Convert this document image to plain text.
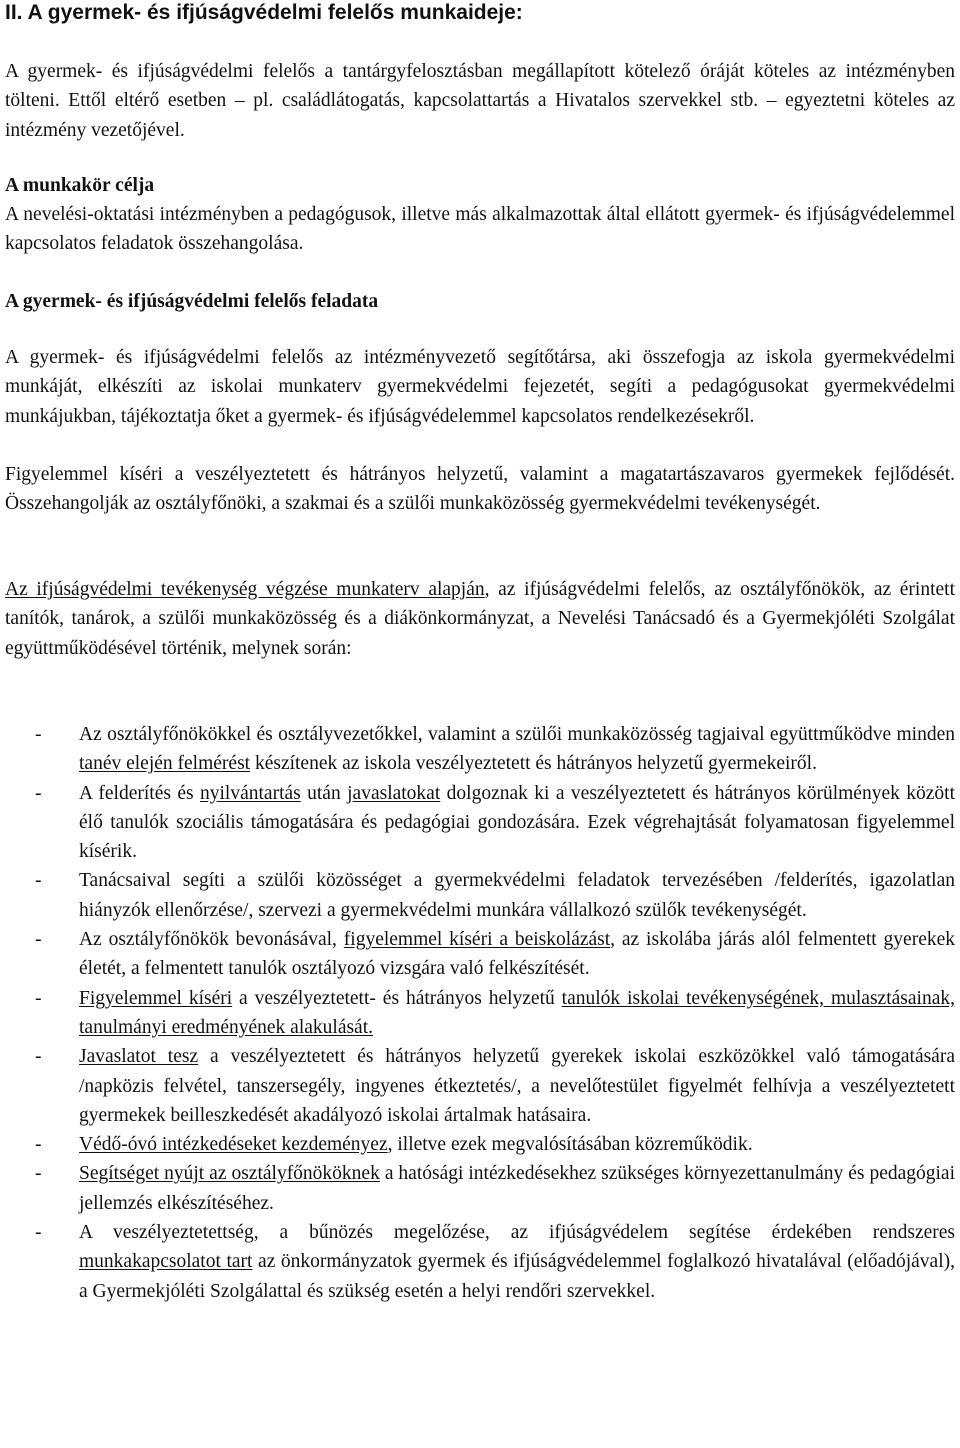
II. A gyermek- és ifjúságvédelmi felelős munkaideje:

A gyermek- és ifjúságvédelmi felelős a tantárgyfelosztásban megállapított kötelező óráját köteles az intézményben tölteni. Ettől eltérő esetben – pl. családlátogatás, kapcsolattartás a Hivatalos szervekkel stb. – egyeztetni köteles az intézmény vezetőjével.

A munkakör célja

A nevelési-oktatási intézményben a pedagógusok, illetve más alkalmazottak által ellátott gyermek- és ifjúságvédelemmel kapcsolatos feladatok összehangolása.

A gyermek- és ifjúságvédelmi felelős feladata

A gyermek- és ifjúságvédelmi felelős az intézményvezető segítőtársa, aki összefogja az iskola gyermekvédelmi munkáját, elkészíti az iskolai munkaterv gyermekvédelmi fejezetét, segíti a pedagógusokat gyermekvédelmi munkájukban, tájékoztatja őket a gyermek- és ifjúságvédelemmel kapcsolatos rendelkezésekről.

Figyelemmel kíséri a veszélyeztetett és hátrányos helyzetű, valamint a magatartászavaros gyermekek fejlődését. Összehangolják az osztályfőnöki, a szakmai és a szülői munkaközösség gyermekvédelmi tevékenységét.

Az ifjúságvédelmi tevékenység végzése munkaterv alapján, az ifjúságvédelmi felelős, az osztályfőnökök, az érintett tanítók, tanárok, a szülői munkaközösség és a diákönkormányzat, a Nevelési Tanácsadó és a Gyermekjóléti Szolgálat együttműködésével történik, melynek során:

- Az osztályfőnökökkel és osztályvezetőkkel, valamint a szülői munkaközösség tagjaival együttműködve minden tanév elején felmérést készítenek az iskola veszélyeztetett és hátrányos helyzetű gyermekeiről.
- A felderítés és nyilvántartás után javaslatokat dolgoznak ki a veszélyeztetett és hátrányos körülmények között élő tanulók szociális támogatására és pedagógiai gondozására. Ezek végrehajtását folyamatosan figyelemmel kísérik.
- Tanácsaival segíti a szülői közösséget a gyermekvédelmi feladatok tervezésében /felderítés, igazolatlan hiányzók ellenőrzése/, szervezi a gyermekvédelmi munkára vállalkozó szülők tevékenységét.
- Az osztályfőnökök bevonásával, figyelemmel kíséri a beiskolázást, az iskolába járás alól felmentett gyerekek életét, a felmentett tanulók osztályozó vizsgára való felkészítését.
- Figyelemmel kíséri a veszélyeztetett- és hátrányos helyzetű tanulók iskolai tevékenységének, mulasztásainak, tanulmányi eredményének alakulását.
- Javaslatot tesz a veszélyeztetett és hátrányos helyzetű gyerekek iskolai eszközökkel való támogatására /napközis felvétel, tanszersegély, ingyenes étkeztetés/, a nevelőtestület figyelmét felhívja a veszélyeztetett gyermekek beilleszkedését akadályozó iskolai ártalmak hatásaira.
- Védő-óvó intézkedéseket kezdeményez, illetve ezek megvalósításában közreműködik.
- Segítséget nyújt az osztályfőnököknek a hatósági intézkedésekhez szükséges környezettanulmány és pedagógiai jellemzés elkészítéséhez.
- A veszélyeztetettség, a bűnözés megelőzése, az ifjúságvédelem segítése érdekében rendszeres munkakapcsolatot tart az önkormányzatok gyermek és ifjúságvédelemmel foglalkozó hivatalával (előadójával), a Gyermekjóléti Szolgálattal és szükség esetén a helyi rendőri szervekkel.
